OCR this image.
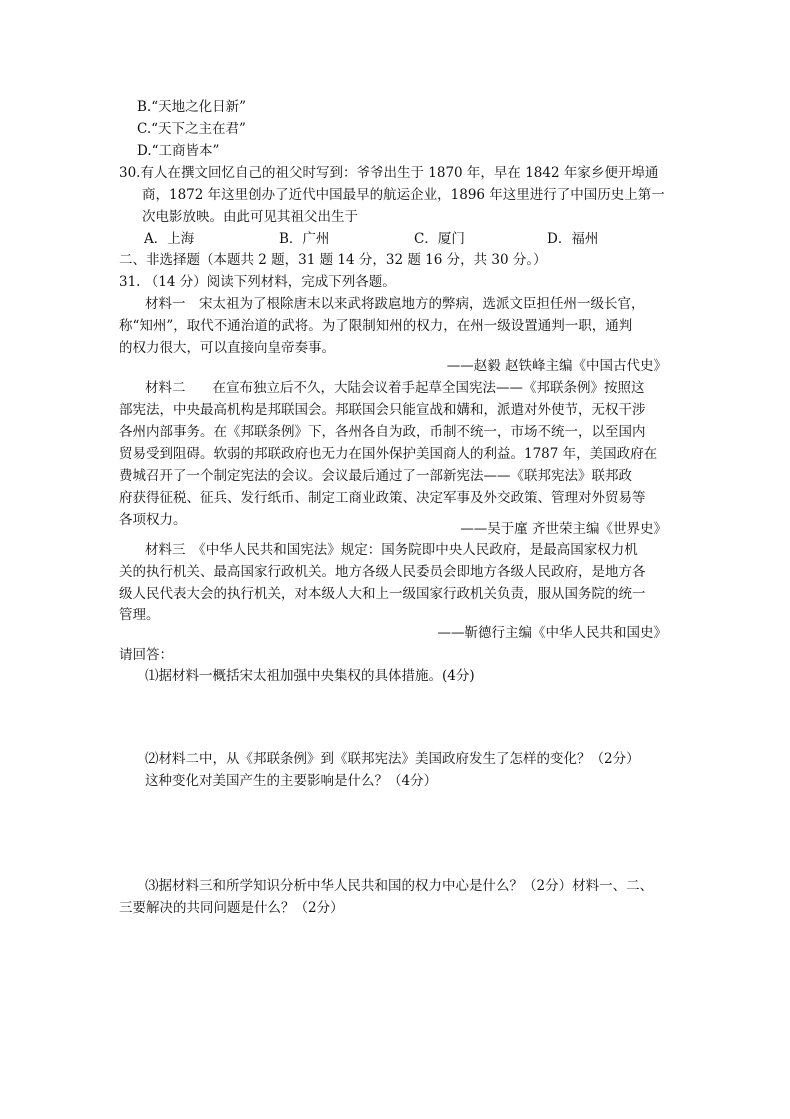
B.“天地之化日新”
C.“天下之主在君”
D.“工商皆本”
30.有人在撰文回忆自己的祖父时写到：爷爷出生于 1870 年，早在 1842 年家乡便开埠通
商，1872 年这里创办了近代中国最早的航运企业，1896 年这里进行了中国历史上第一
次电影放映。由此可见其祖父出生于
A．上海	B．广州	C．厦门	D．福州
二、非选择题（本题共 2 题，31 题 14 分，32 题 16 分，共 30 分。）
31. （14 分）阅读下列材料，完成下列各题。
材料一　宋太祖为了根除唐末以来武将跋扈地方的弊病，选派文臣担任州一级长官，
称“知州”，取代不通治道的武将。为了限制知州的权力，在州一级设置通判一职，通判
的权力很大，可以直接向皇帝奏事。
——赵毅 赵铁峰主编《中国古代史》
材料二　　在宣布独立后不久，大陆会议着手起草全国宪法——《邦联条例》按照这
部宪法，中央最高机构是邦联国会。邦联国会只能宣战和媾和，派遣对外使节，无权干涉
各州内部事务。在《邦联条例》下，各州各自为政，币制不统一，市场不统一，以至国内
贸易受到阻碍。软弱的邦联政府也无力在国外保护美国商人的利益。1787 年，美国政府在
费城召开了一个制定宪法的会议。会议最后通过了一部新宪法——《联邦宪法》联邦政
府获得征税、征兵、发行纸币、制定工商业政策、决定军事及外交政策、管理对外贸易等
各项权力。
——吴于廑 齐世荣主编《世界史》
材料三　《中华人民共和国宪法》规定：国务院即中央人民政府，是最高国家权力机
关的执行机关、最高国家行政机关。地方各级人民委员会即地方各级人民政府，是地方各
级人民代表大会的执行机关，对本级人大和上一级国家行政机关负责，服从国务院的统一
管理。
——靳德行主编《中华人民共和国史》
请回答：
⑴据材料一概括宋太祖加强中央集权的具体措施。(4分)
⑵材料二中，从《邦联条例》到《联邦宪法》美国政府发生了怎样的变化？（2分）
这种变化对美国产生的主要影响是什么？（4分）
⑶据材料三和所学知识分析中华人民共和国的权力中心是什么？（2分）材料一、二、
三要解决的共同问题是什么？（2分）
